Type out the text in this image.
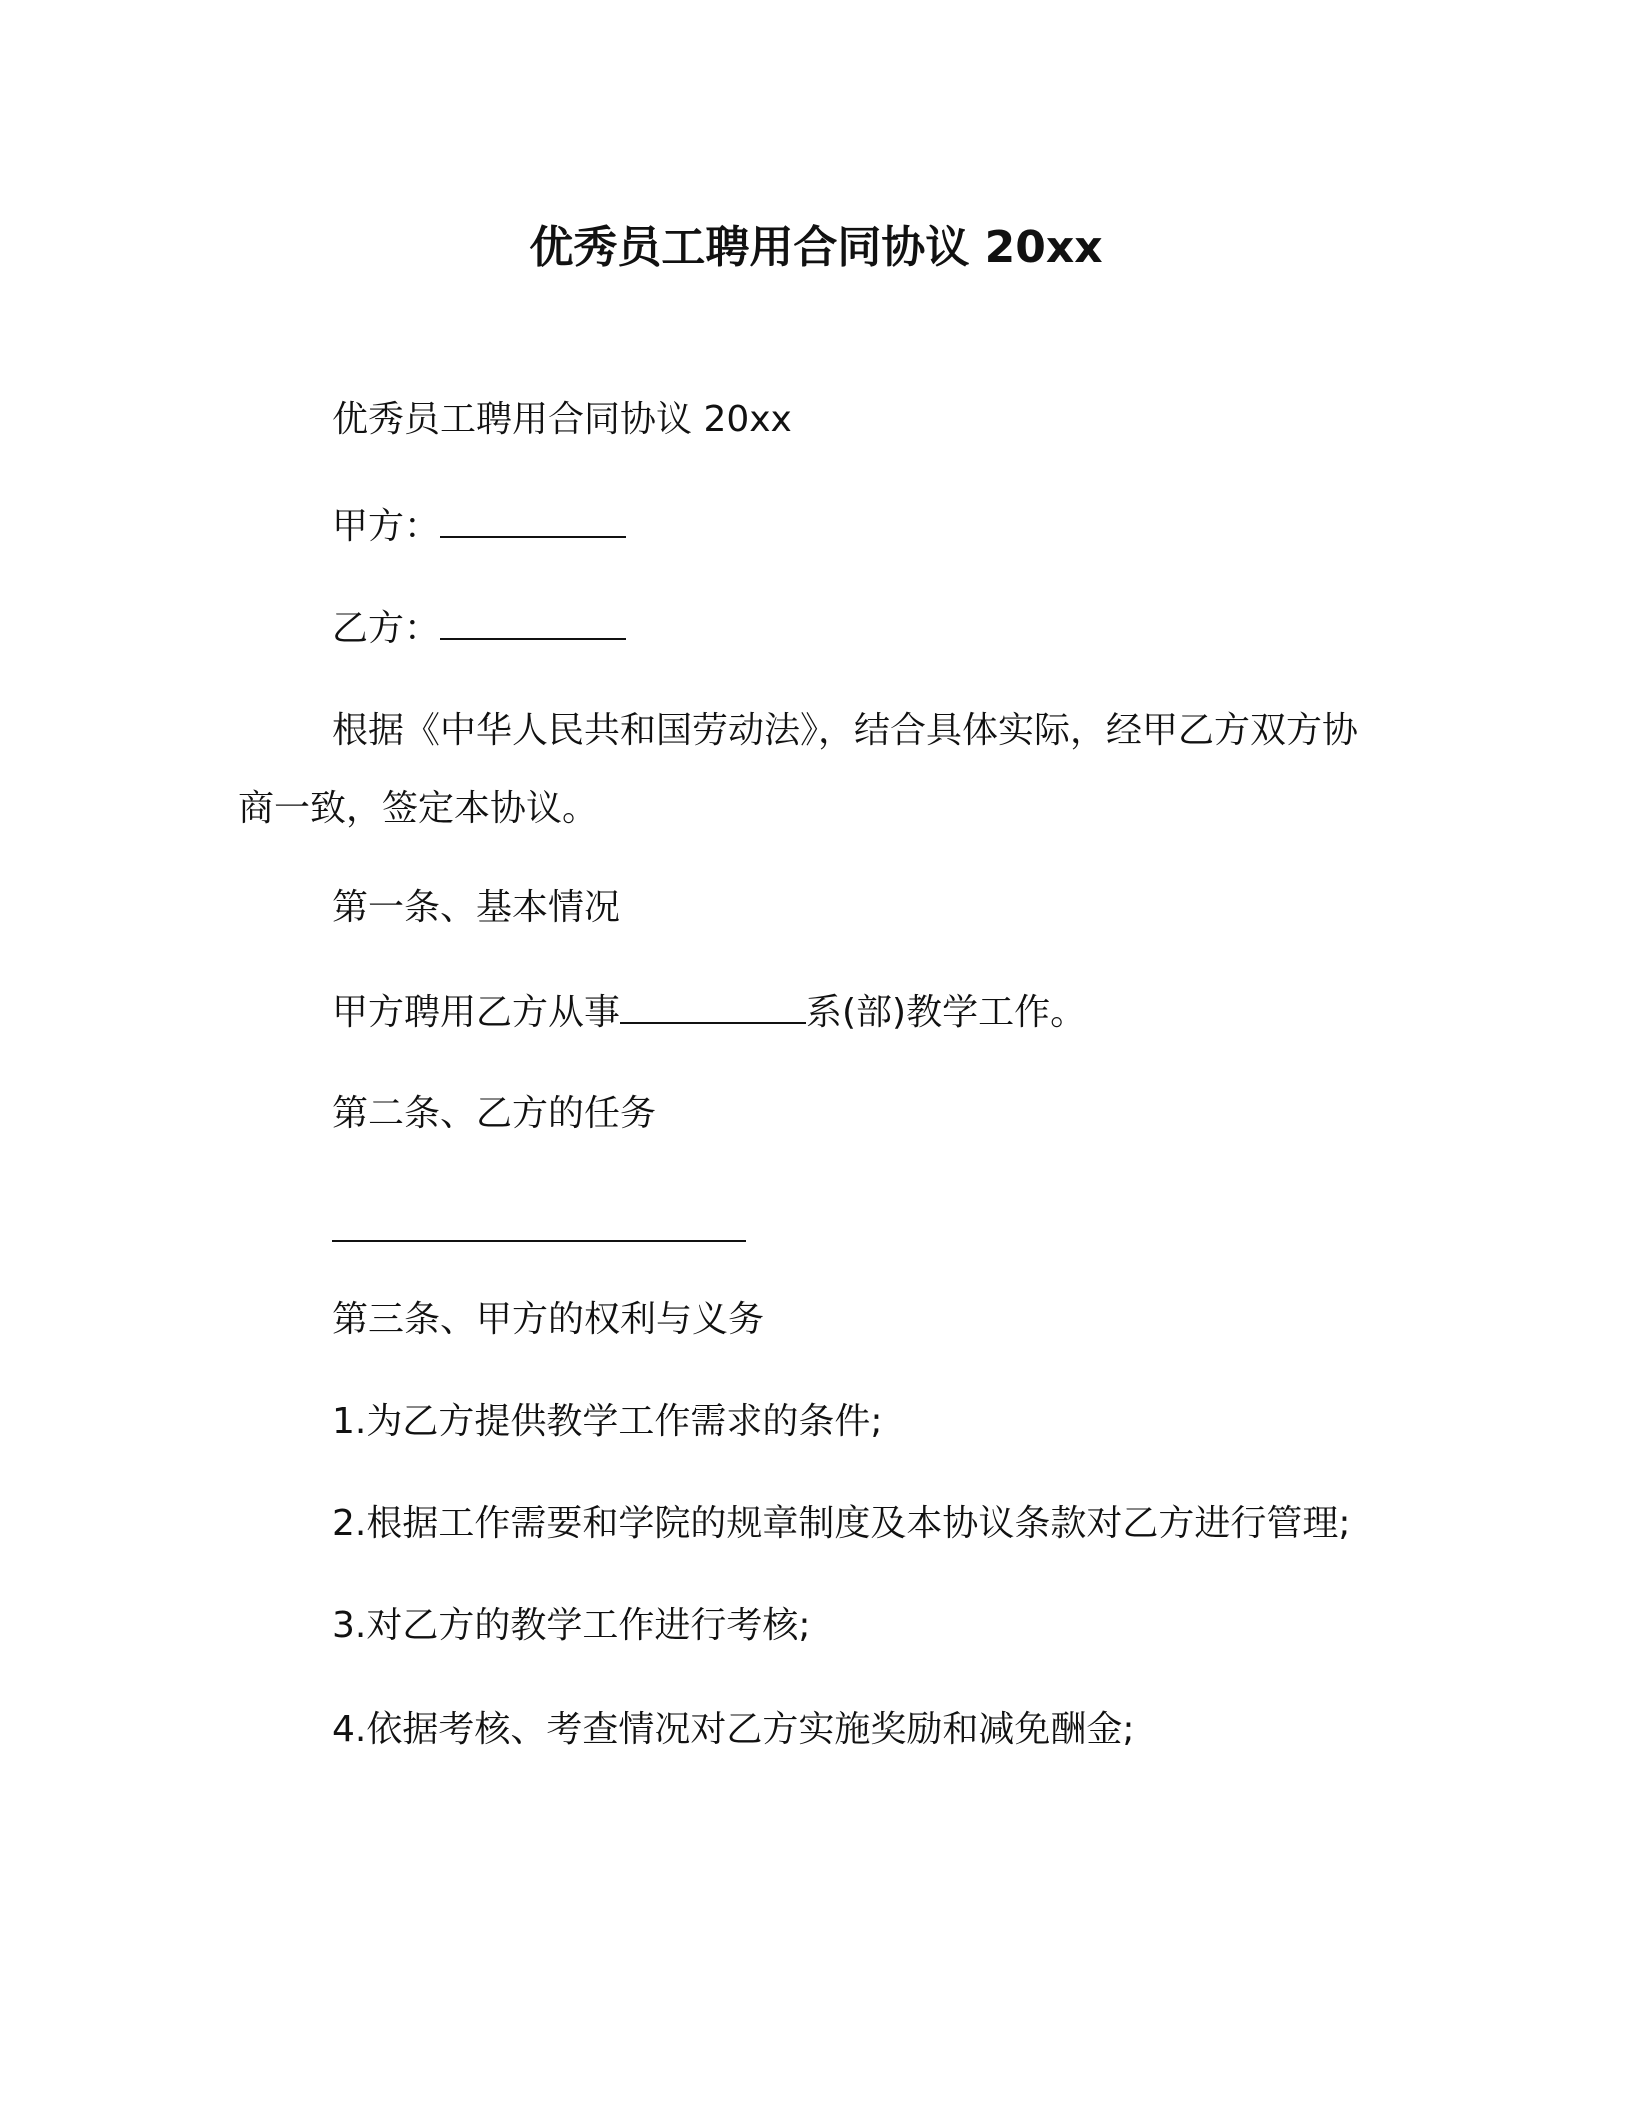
优秀员工聘用合同协议 20xx
优秀员工聘用合同协议 20xx
甲方：
乙方：
根据《中华人民共和国劳动法》，结合具体实际，经甲乙方双方协商一致，签定本协议。
第一条、基本情况
甲方聘用乙方从事	系(部)教学工作。
第二条、乙方的任务
第三条、甲方的权利与义务
1.为乙方提供教学工作需求的条件;
2.根据工作需要和学院的规章制度及本协议条款对乙方进行管理;
3.对乙方的教学工作进行考核;
4.依据考核、考查情况对乙方实施奖励和减免酬金;
